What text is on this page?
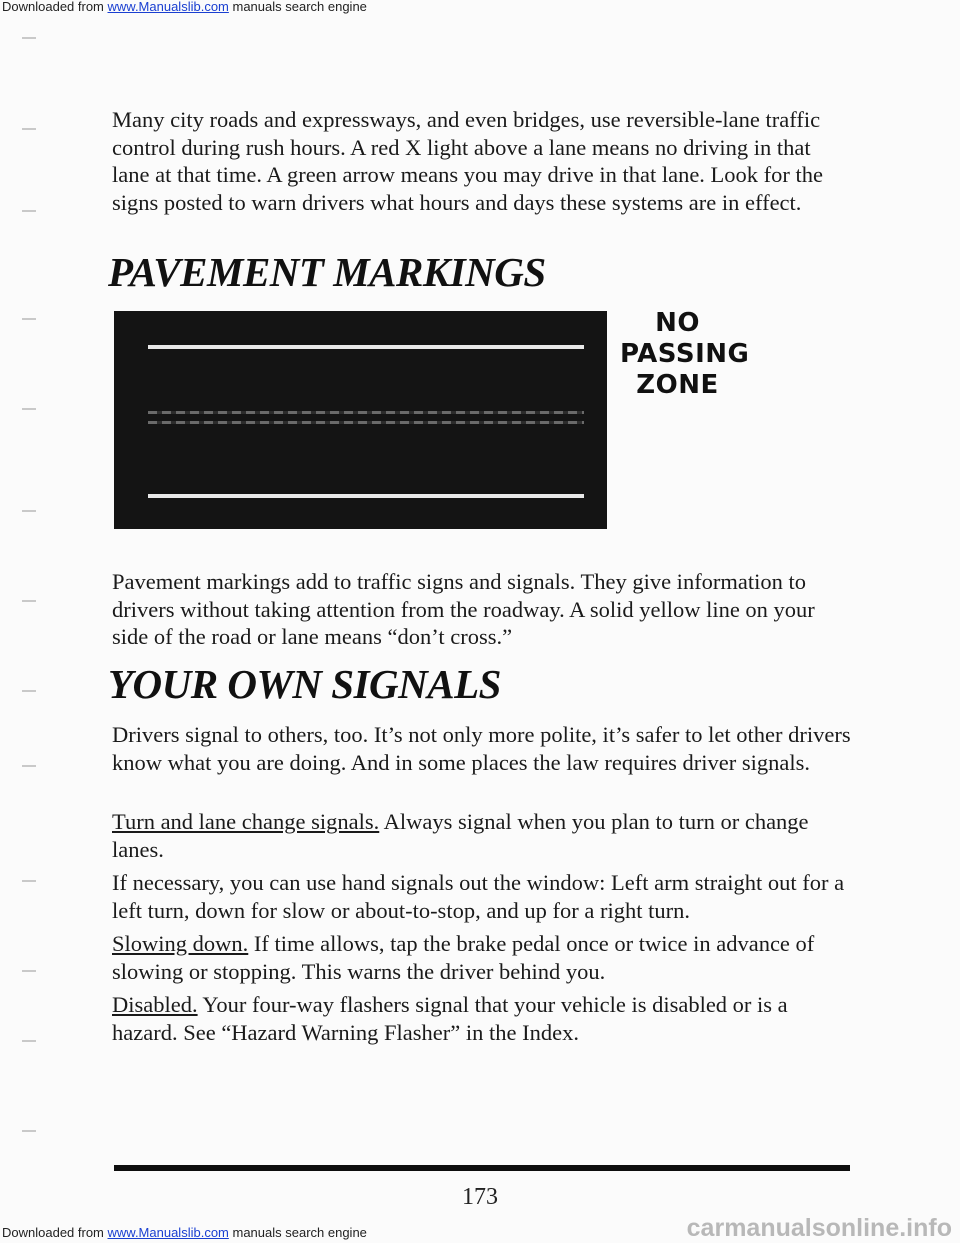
Downloaded from www.Manualslib.com manuals search engine

Many city roads and expressways, and even bridges, use reversible-lane traffic control during rush hours. A red X light above a lane means no driving in that lane at that time. A green arrow means you may drive in that lane. Look for the signs posted to warn drivers what hours and days these systems are in effect.

PAVEMENT MARKINGS
NO
PASSING
ZONE

Pavement markings add to traffic signs and signals. They give information to drivers without taking attention from the roadway. A solid yellow line on your side of the road or lane means “don’t cross.”

YOUR OWN SIGNALS

Drivers signal to others, too. It’s not only more polite, it’s safer to let other drivers know what you are doing. And in some places the law requires driver signals.

Turn and lane change signals. Always signal when you plan to turn or change lanes.

If necessary, you can use hand signals out the window: Left arm straight out for a left turn, down for slow or about-to-stop, and up for a right turn.

Slowing down. If time allows, tap the brake pedal once or twice in advance of slowing or stopping. This warns the driver behind you.

Disabled. Your four-way flashers signal that your vehicle is disabled or is a hazard. See “Hazard Warning Flasher” in the Index.

173
Downloaded from www.Manualslib.com manuals search engine	carmanualsonline.info
